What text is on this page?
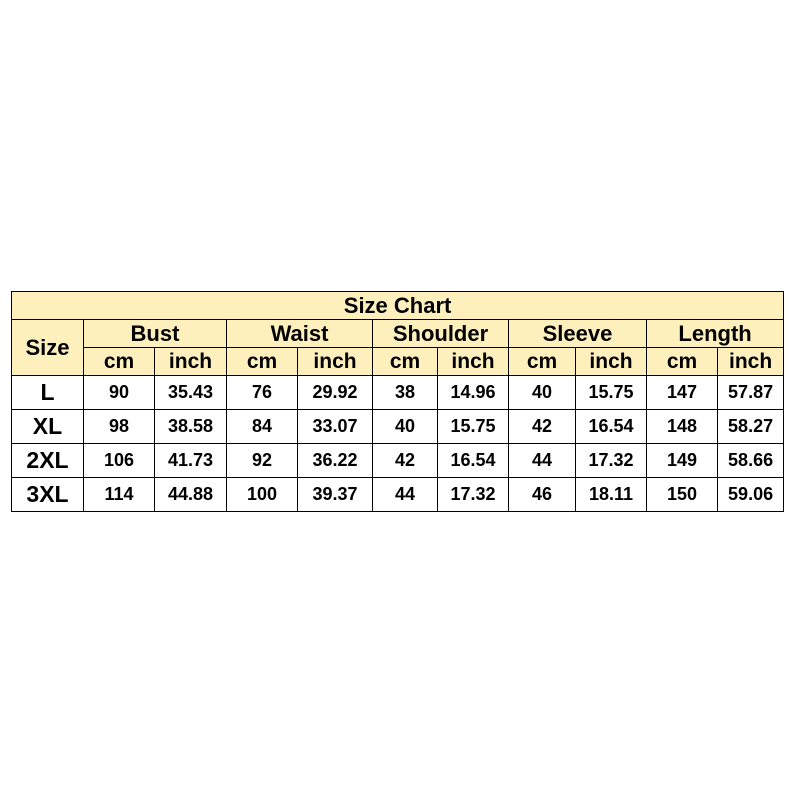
Size Chart										
Size	Bust		Waist		Shoulder		Sleeve		Length	
	cm	inch	cm	inch	cm	inch	cm	inch	cm	inch
L	90	35.43	76	29.92	38	14.96	40	15.75	147	57.87
XL	98	38.58	84	33.07	40	15.75	42	16.54	148	58.27
2XL	106	41.73	92	36.22	42	16.54	44	17.32	149	58.66
3XL	114	44.88	100	39.37	44	17.32	46	18.11	150	59.06
